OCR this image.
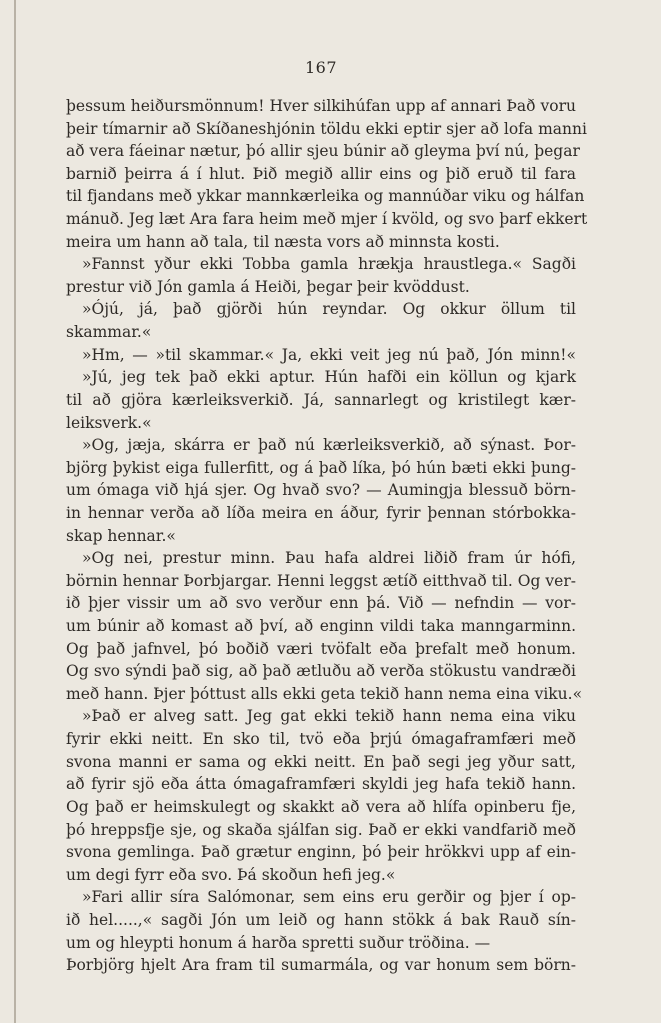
167
þessum heiðursmönnum! Hver silkihúfan upp af annari Það voru
þeir tímarnir að Skíðaneshjónin töldu ekki eptir sjer að lofa manni
að vera fáeinar nætur, þó allir sjeu búnir að gleyma því nú, þegar
barnið þeirra á í hlut. Þið megið allir eins og þið eruð til fara
til fjandans með ykkar mannkærleika og mannúðar viku og hálfan
mánuð. Jeg læt Ara fara heim með mjer í kvöld, og svo þarf ekkert
meira um hann að tala, til næsta vors að minnsta kosti.
»Fannst yður ekki Tobba gamla hrækja hraustlega.« Sagði
prestur við Jón gamla á Heiði, þegar þeir kvöddust.
»Ójú, já, það gjörði hún reyndar. Og okkur öllum til
skammar.«
»Hm, — »til skammar.« Ja, ekki veit jeg nú það, Jón minn!«
»Jú, jeg tek það ekki aptur. Hún hafði ein köllun og kjark
til að gjöra kærleiksverkið. Já, sannarlegt og kristilegt kær-
leiksverk.«
»Og, jæja, skárra er það nú kærleiksverkið, að sýnast. Þor-
björg þykist eiga fullerfitt, og á það líka, þó hún bæti ekki þung-
um ómaga við hjá sjer. Og hvað svo? — Aumingja blessuð börn-
in hennar verða að líða meira en áður, fyrir þennan stórbokka-
skap hennar.«
»Og nei, prestur minn. Þau hafa aldrei liðið fram úr hófi,
börnin hennar Þorbjargar. Henni leggst ætíð eitthvað til. Og ver-
ið þjer vissir um að svo verður enn þá. Við — nefndin — vor-
um búnir að komast að því, að enginn vildi taka manngarminn.
Og það jafnvel, þó boðið væri tvöfalt eða þrefalt með honum.
Og svo sýndi það sig, að það ætluðu að verða stökustu vandræði
með hann. Þjer þóttust alls ekki geta tekið hann nema eina viku.«
»Það er alveg satt. Jeg gat ekki tekið hann nema eina viku
fyrir ekki neitt. En sko til, tvö eða þrjú ómagaframfæri með
svona manni er sama og ekki neitt. En það segi jeg yður satt,
að fyrir sjö eða átta ómagaframfæri skyldi jeg hafa tekið hann.
Og það er heimskulegt og skakkt að vera að hlífa opinberu fje,
þó hreppsfje sje, og skaða sjálfan sig. Það er ekki vandfarið með
svona gemlinga. Það grætur enginn, þó þeir hrökkvi upp af ein-
um degi fyrr eða svo. Þá skoðun hefi jeg.«
»Fari allir síra Salómonar, sem eins eru gerðir og þjer í op-
ið hel.....,« sagði Jón um leið og hann stökk á bak Rauð sín-
um og hleypti honum á harða spretti suður tröðina. —
Þorbjörg hjelt Ara fram til sumarmála, og var honum sem börn-
